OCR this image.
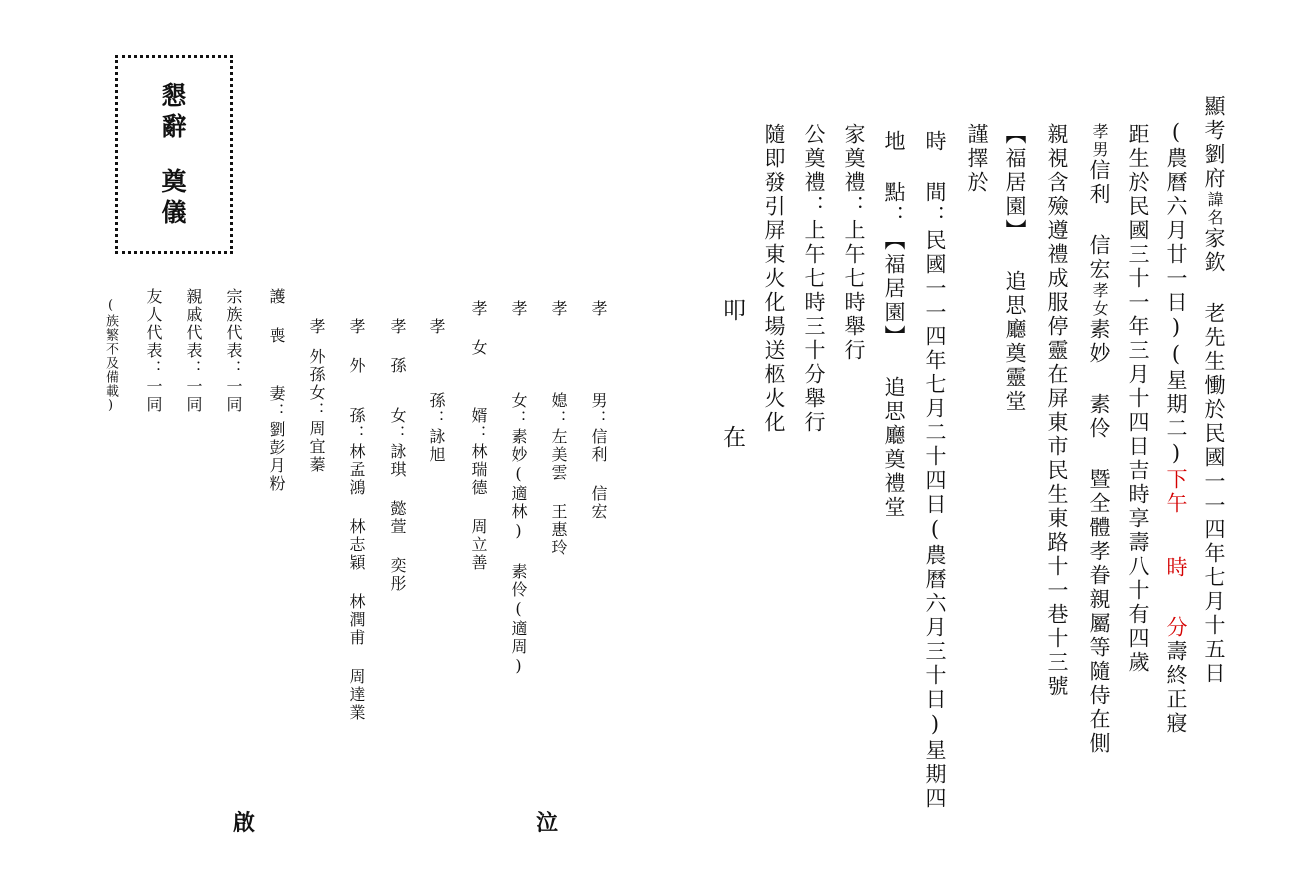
懇辭
奠儀
顯考劉府諱名家欽 老先生慟於民國一一四年七月十五日
(農曆六月廿一日)(星期二)下午時分壽終正寢
距生於民國三十一年三月十四日吉時享壽八十有四歲
孝男信利 信宏孝女素妙 素伶 暨全體孝眷親屬等隨侍在側
親視含殮遵禮成服停靈在屏東市民生東路十一巷十三號
【福居園】 追思廳奠靈堂
謹擇於
時 間：民國一一四年七月二十四日(農曆六月三十日)星期四
地 點：【福居園】 追思廳奠禮堂
家奠禮：上午七時舉行
公奠禮：上午七時三十分舉行
隨即發引屏東火化場送柩火化
叩
在
孝男：信利 信宏
孝媳：左美雲 王惠玲
孝女：素妙(適林) 素伶(適周)
孝 女婿：林瑞德 周立善
孝孫：詠旭
孝 孫女：詠琪 懿萱 奕彤
孝 外孫：林孟鴻 林志穎 林潤甫 周達業
孝外孫女：周宜蓁
護 喪妻：劉彭月粉
宗族代表：一同
親戚代表：一同
友人代表：一同
(族繁不及備載)
泣
啟
